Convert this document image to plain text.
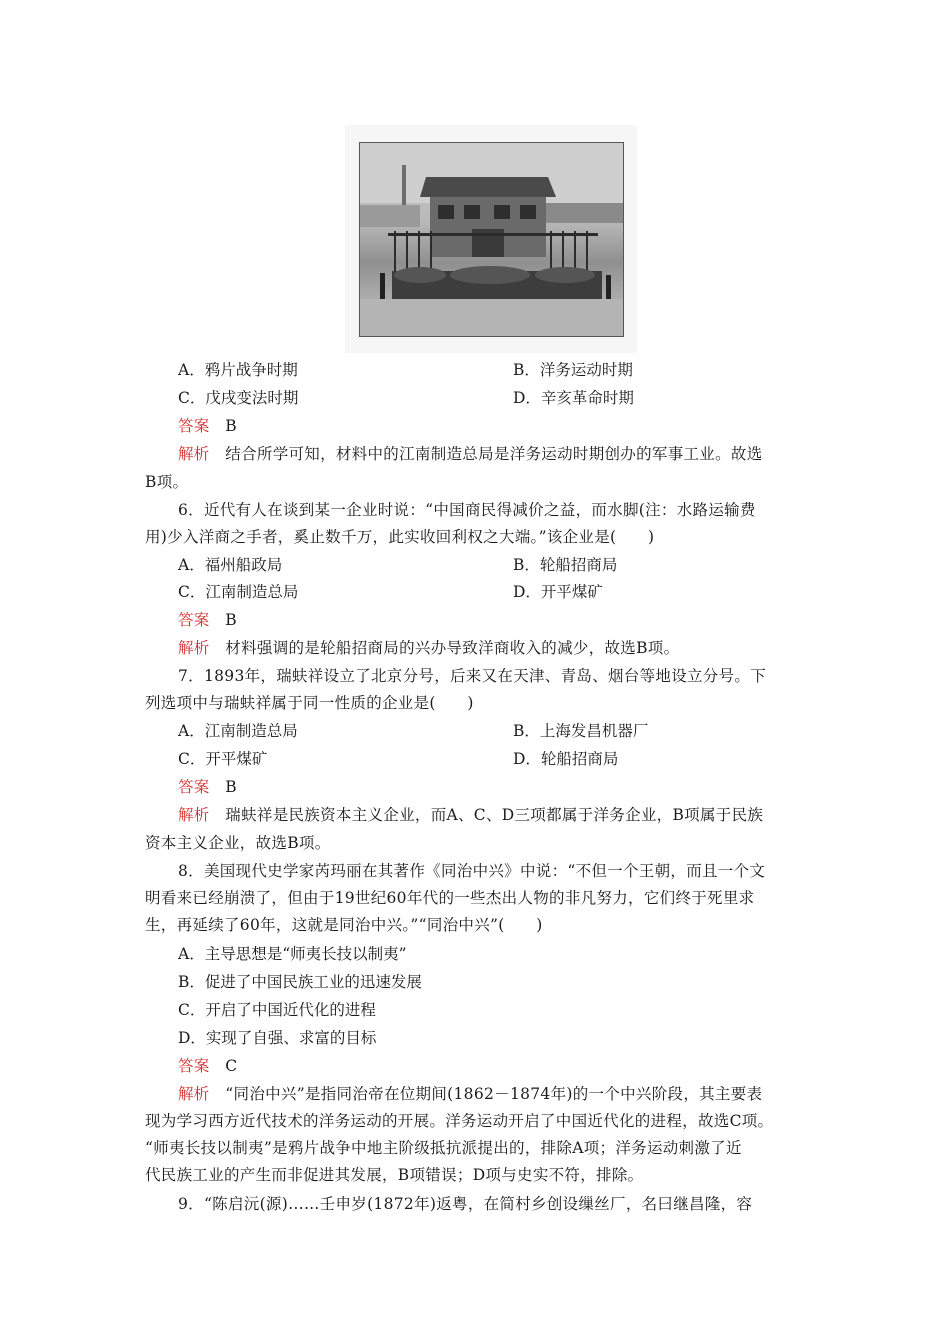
A．鸦片战争时期	B．洋务运动时期
C．戊戌变法时期	D．辛亥革命时期
答案 B
解析 结合所学可知，材料中的江南制造总局是洋务运动时期创办的军事工业。故选
B项。
6．近代有人在谈到某一企业时说：“中国商民得减价之益，而水脚(注：水路运输费
用)少入洋商之手者，奚止数千万，此实收回利权之大端。”该企业是(　　)
A．福州船政局	B．轮船招商局
C．江南制造总局	D．开平煤矿
答案 B
解析 材料强调的是轮船招商局的兴办导致洋商收入的减少，故选B项。
7．1893年，瑞蚨祥设立了北京分号，后来又在天津、青岛、烟台等地设立分号。下
列选项中与瑞蚨祥属于同一性质的企业是(　　)
A．江南制造总局	B．上海发昌机器厂
C．开平煤矿	D．轮船招商局
答案 B
解析 瑞蚨祥是民族资本主义企业，而A、C、D三项都属于洋务企业，B项属于民族
资本主义企业，故选B项。
8．美国现代史学家芮玛丽在其著作《同治中兴》中说：“不但一个王朝，而且一个文
明看来已经崩溃了，但由于19世纪60年代的一些杰出人物的非凡努力，它们终于死里求
生，再延续了60年，这就是同治中兴。”“同治中兴”(　　)
A．主导思想是“师夷长技以制夷”
B．促进了中国民族工业的迅速发展
C．开启了中国近代化的进程
D．实现了自强、求富的目标
答案 C
解析 “同治中兴”是指同治帝在位期间(1862－1874年)的一个中兴阶段，其主要表
现为学习西方近代技术的洋务运动的开展。洋务运动开启了中国近代化的进程，故选C项。
“师夷长技以制夷”是鸦片战争中地主阶级抵抗派提出的，排除A项；洋务运动刺激了近
代民族工业的产生而非促进其发展，B项错误；D项与史实不符，排除。
9．“陈启沅(源)……壬申岁(1872年)返粤，在简村乡创设缫丝厂，名曰继昌隆，容
